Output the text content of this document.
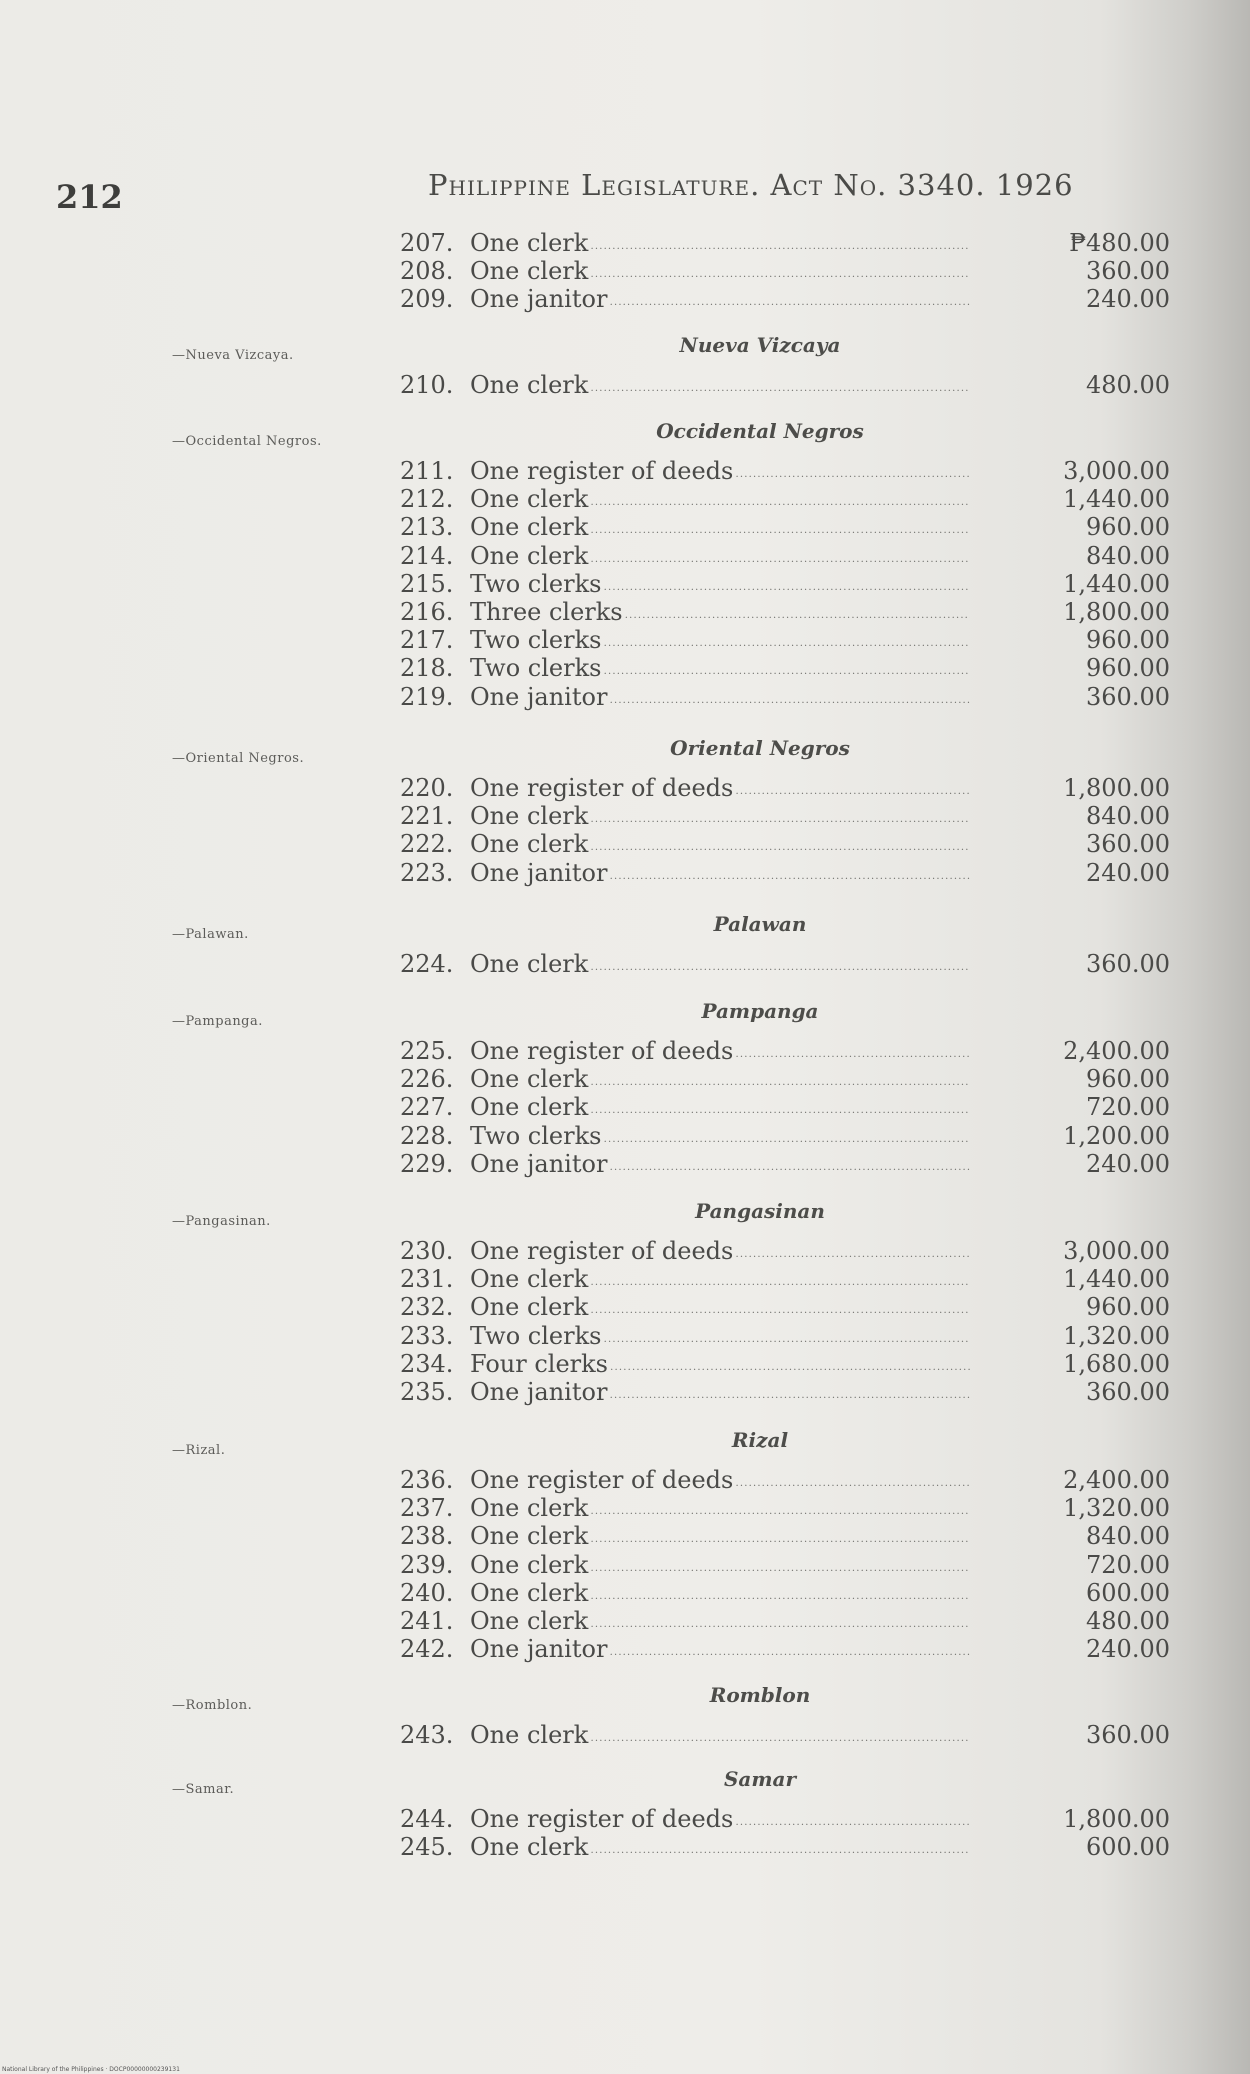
212	Philippine Legislature. Act No. 3340. 1926
207. One clerk . . .	₱480.00
208. One clerk . . .	360.00
209. One janitor . . .	240.00
—Nueva Vizcaya.	Nueva Vizcaya
210. One clerk . . .	480.00
—Occidental Negros.	Occidental Negros
211. One register of deeds . . .	3,000.00
212. One clerk . . .	1,440.00
213. One clerk . . .	960.00
214. One clerk . . .	840.00
215. Two clerks . . .	1,440.00
216. Three clerks . . .	1,800.00
217. Two clerks . . .	960.00
218. Two clerks . . .	960.00
219. One janitor . . .	360.00
—Oriental Negros.	Oriental Negros
220. One register of deeds . . .	1,800.00
221. One clerk . . .	840.00
222. One clerk . . .	360.00
223. One janitor . . .	240.00
—Palawan.	Palawan
224. One clerk . . .	360.00
—Pampanga.	Pampanga
225. One register of deeds . . .	2,400.00
226. One clerk . . .	960.00
227. One clerk . . .	720.00
228. Two clerks . . .	1,200.00
229. One janitor . . .	240.00
—Pangasinan.	Pangasinan
230. One register of deeds . . .	3,000.00
231. One clerk . . .	1,440.00
232. One clerk . . .	960.00
233. Two clerks . . .	1,320.00
234. Four clerks . . .	1,680.00
235. One janitor . . .	360.00
—Rizal.	Rizal
236. One register of deeds . . .	2,400.00
237. One clerk . . .	1,320.00
238. One clerk . . .	840.00
239. One clerk . . .	720.00
240. One clerk . . .	600.00
241. One clerk . . .	480.00
242. One janitor . . .	240.00
—Romblon.	Romblon
243. One clerk . . .	360.00
—Samar.	Samar
244. One register of deeds . . .	1,800.00
245. One clerk . . .	600.00
National Library of the Philippines · DOCP00000000239131
